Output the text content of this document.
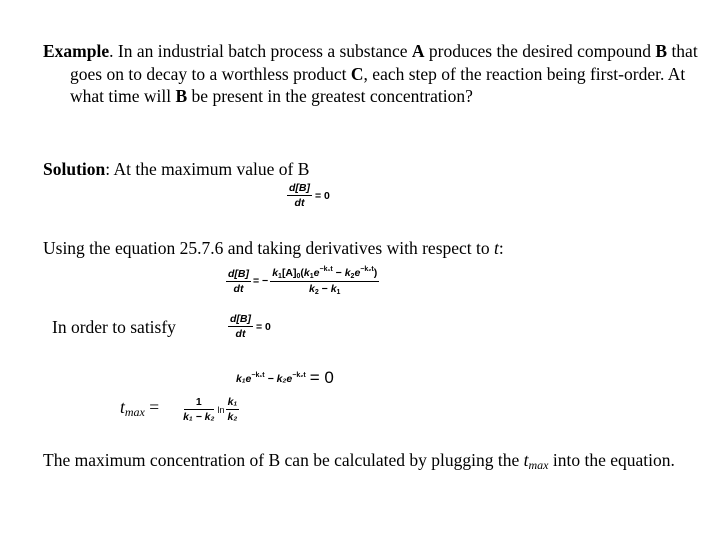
Example. In an industrial batch process a substance A produces the desired compound B that goes on to decay to a worthless product C, each step of the reaction being first-order. At what time will B be present in the greatest concentration?
Solution: At the maximum value of B
$\frac{d[B]}{dt} = 0$
Using the equation 25.7.6 and taking derivatives with respect to t:
$\frac{d[B]}{dt}$ = − $\frac{k_1[A]_0(k_1e^{-k_1t} - k_2e^{-k_2t})}{k_2 - k_1}$
In order to satisfy	$\frac{d[B]}{dt} = 0$
$k_1e^{-k_1t} - k_2e^{-k_2t} = 0$
$tmax = \frac{1}{\text{k₁ − k₂}}$ $\ln \frac{\text{k₁}}{\text{k₂}}$
The maximum concentration of B can be calculated by plugging the tmax into the equation.
